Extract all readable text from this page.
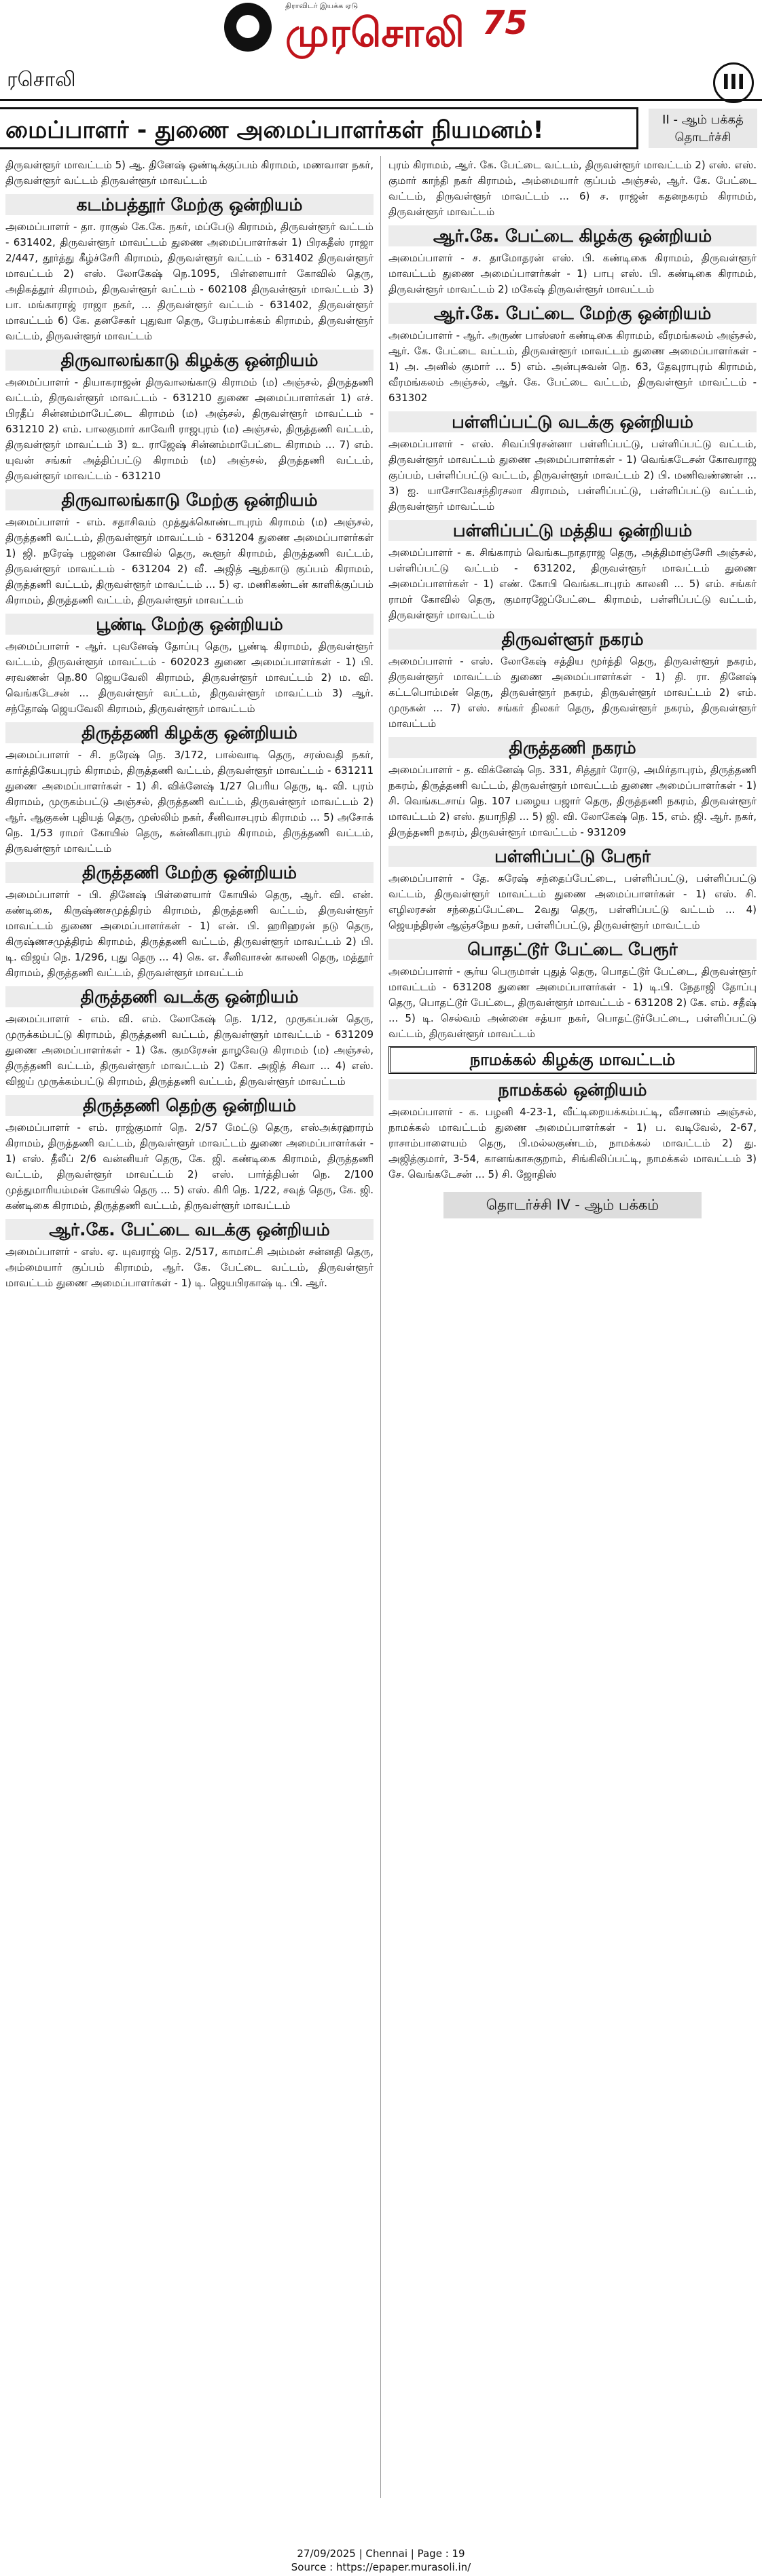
திராவிடர் இயக்க ஏடு
முரசொலி 75
ரசொலி	III
மைப்பாளர் - துணை அமைப்பாளர்கள் நியமனம்!	II - ஆம் பக்கத் தொடர்ச்சி

திருவள்ளூர் மாவட்டம் 5) ஆ. தினேஷ் ஒண்டிக்குப்பம் கிராமம், மணவாள நகர், திருவள்ளூர் வட்டம் திருவள்ளூர் மாவட்டம்

கடம்பத்தூர் மேற்கு ஒன்றியம்

அமைப்பாளர் - தா. ராகுல் கே.கே. நகர், மப்பேடு கிராமம், திருவள்ளூர் வட்டம் - 631402, திருவள்ளூர் மாவட்டம் துணை அமைப்பாளர்கள் 1) பிரகதீஸ் ராஜா 2/447, தூர்த்து கீழ்ச்சேரி கிராமம், திருவள்ளூர் வட்டம் - 631402 திருவள்ளூர் மாவட்டம் 2) எஸ். லோகேஷ் நெ.1095, பிள்ளையார் கோவில் தெரு, அதிகத்தூர் கிராமம், திருவள்ளூர் வட்டம் - 602108 திருவள்ளூர் மாவட்டம் 3) பா. மங்காராஜ் ராஜா நகர், ... திருவள்ளூர் வட்டம் - 631402, திருவள்ளூர் மாவட்டம் 6) கே. தனசேகர் புதுவா தெரு, பேரம்பாக்கம் கிராமம், திருவள்ளூர் வட்டம், திருவள்ளூர் மாவட்டம்

திருவாலங்காடு கிழக்கு ஒன்றியம்

அமைப்பாளர் - தியாகராஜன் திருவாலங்காடு கிராமம் (ம) அஞ்சல், திருத்தணி வட்டம், திருவள்ளூர் மாவட்டம் - 631210 துணை அமைப்பாளர்கள் 1) எச். பிரதீப் சின்னம்மாபேட்டை கிராமம் (ம) அஞ்சல், திருவள்ளூர் மாவட்டம் - 631210 2) எம். பாலகுமார் காவேரி ராஜபுரம் (ம) அஞ்சல், திருத்தணி வட்டம், திருவள்ளூர் மாவட்டம் 3) உ. ராஜேஷ் சின்னம்மாபேட்டை கிராமம் ... 7) எம். யுவன் சங்கர் அத்திப்பட்டு கிராமம் (ம) அஞ்சல், திருத்தணி வட்டம், திருவள்ளூர் மாவட்டம் - 631210

திருவாலங்காடு மேற்கு ஒன்றியம்

அமைப்பாளர் - எம். சதாசிவம் முத்துக்கொண்டாபுரம் கிராமம் (ம) அஞ்சல், திருத்தணி வட்டம், திருவள்ளூர் மாவட்டம் - 631204 துணை அமைப்பாளர்கள் 1) ஜி. நரேஷ் பஜனை கோவில் தெரு, கூளூர் கிராமம், திருத்தணி வட்டம், திருவள்ளூர் மாவட்டம் - 631204 2) வீ. அஜித் ஆற்காடு குப்பம் கிராமம், திருத்தணி வட்டம், திருவள்ளூர் மாவட்டம் ... 5) ஏ. மணிகண்டன் காளிக்குப்பம் கிராமம், திருத்தணி வட்டம், திருவள்ளூர் மாவட்டம்

பூண்டி மேற்கு ஒன்றியம்

அமைப்பாளர் - ஆர். புவனேஷ் தோப்பு தெரு, பூண்டி கிராமம், திருவள்ளூர் வட்டம், திருவள்ளூர் மாவட்டம் - 602023 துணை அமைப்பாளர்கள் - 1) பி. சரவணன் நெ.80 ஜெயவேலி கிராமம், திருவள்ளூர் மாவட்டம் 2) ம. வி. வெங்கடேசன் ... திருவள்ளூர் வட்டம், திருவள்ளூர் மாவட்டம் 3) ஆர். சந்தோஷ் ஜெயவேலி கிராமம், திருவள்ளூர் மாவட்டம்

திருத்தணி கிழக்கு ஒன்றியம்

அமைப்பாளர் - சி. நரேஷ் நெ. 3/172, பால்வாடி தெரு, சரஸ்வதி நகர், கார்த்திகேயபுரம் கிராமம், திருத்தணி வட்டம், திருவள்ளூர் மாவட்டம் - 631211 துணை அமைப்பாளர்கள் - 1) சி. விக்னேஷ் 1/27 பெரிய தெரு, டி. வி. புரம் கிராமம், முருகம்பட்டு அஞ்சல், திருத்தணி வட்டம், திருவள்ளூர் மாவட்டம் 2) ஆர். ஆகுகன் புதியத் தெரு, முஸ்லிம் நகர், சீனிவாசபுரம் கிராமம் ... 5) அசோக் நெ. 1/53 ராமர் கோயில் தெரு, கன்னிகாபுரம் கிராமம், திருத்தணி வட்டம், திருவள்ளூர் மாவட்டம்

திருத்தணி மேற்கு ஒன்றியம்

அமைப்பாளர் - பி. தினேஷ் பிள்ளையார் கோயில் தெரு, ஆர். வி. என். கண்டிகை, கிருஷ்ணசமுத்திரம் கிராமம், திருத்தணி வட்டம், திருவள்ளூர் மாவட்டம் துணை அமைப்பாளர்கள் - 1) என். பி. ஹரிஹரன் நடு தெரு, கிருஷ்ணசமுத்திரம் கிராமம், திருத்தணி வட்டம், திருவள்ளூர் மாவட்டம் 2) பி. டி. விஜய் நெ. 1/296, புது தெரு ... 4) கெ. எ. சீனிவாசன் காலனி தெரு, மத்தூர் கிராமம், திருத்தணி வட்டம், திருவள்ளூர் மாவட்டம்

திருத்தணி வடக்கு ஒன்றியம்

அமைப்பாளர் - எம். வி. எம். லோகேஷ் நெ. 1/12, முருகப்பன் தெரு, முருக்கம்பட்டு கிராமம், திருத்தணி வட்டம், திருவள்ளூர் மாவட்டம் - 631209 துணை அமைப்பாளர்கள் - 1) கே. குமரேசன் தாழவேடு கிராமம் (ம) அஞ்சல், திருத்தணி வட்டம், திருவள்ளூர் மாவட்டம் 2) கோ. அஜித் சிவா ... 4) எஸ். விஜய் முருக்கம்பட்டு கிராமம், திருத்தணி வட்டம், திருவள்ளூர் மாவட்டம்

திருத்தணி தெற்கு ஒன்றியம்

அமைப்பாளர் - எம். ராஜ்குமார் நெ. 2/57 மேட்டு தெரு, எஸ்அக்ரஹாரம் கிராமம், திருத்தணி வட்டம், திருவள்ளூர் மாவட்டம் துணை அமைப்பாளர்கள் - 1) எஸ். தீலீப் 2/6 வன்னியர் தெரு, கே. ஜி. கண்டிகை கிராமம், திருத்தணி வட்டம், திருவள்ளூர் மாவட்டம் 2) எஸ். பார்த்திபன் நெ. 2/100 முத்துமாரியம்மன் கோயில் தெரு ... 5) எஸ். கிரி நெ. 1/22, சவுத் தெரு, கே. ஜி. கண்டிகை கிராமம், திருத்தணி வட்டம், திருவள்ளூர் மாவட்டம்

ஆர்.கே. பேட்டை வடக்கு ஒன்றியம்

அமைப்பாளர் - எஸ். ஏ. யுவராஜ் நெ. 2/517, காமாட்சி அம்மன் சன்னதி தெரு, அம்மையார் குப்பம் கிராமம், ஆர். கே. பேட்டை வட்டம், திருவள்ளூர் மாவட்டம் துணை அமைப்பாளர்கள் - 1) டி. ஜெயபிரகாஷ் டி. பி. ஆர்.

புரம் கிராமம், ஆர். கே. பேட்டை வட்டம், திருவள்ளூர் மாவட்டம் 2) எஸ். எஸ். குமார் காந்தி நகர் கிராமம், அம்மையார் குப்பம் அஞ்சல், ஆர். கே. பேட்டை வட்டம், திருவள்ளூர் மாவட்டம் ... 6) ச. ராஜன் கதனநகரம் கிராமம், திருவள்ளூர் மாவட்டம்

ஆர்.கே. பேட்டை கிழக்கு ஒன்றியம்

அமைப்பாளர் - ச. தாமோதரன் எஸ். பி. கண்டிகை கிராமம், திருவள்ளூர் மாவட்டம் துணை அமைப்பாளர்கள் - 1) பாபு எஸ். பி. கண்டிகை கிராமம், திருவள்ளூர் மாவட்டம் 2) மகேஷ் திருவள்ளூர் மாவட்டம்

ஆர்.கே. பேட்டை மேற்கு ஒன்றியம்

அமைப்பாளர் - ஆர். அருண் பாஸ்ஸர் கண்டிகை கிராமம், வீரமங்கலம் அஞ்சல், ஆர். கே. பேட்டை வட்டம், திருவள்ளூர் மாவட்டம் துணை அமைப்பாளர்கள் - 1) அ. அனில் குமார் ... 5) எம். அன்புசுவன் நெ. 63, தேவுராபுரம் கிராமம், வீரமங்கலம் அஞ்சல், ஆர். கே. பேட்டை வட்டம், திருவள்ளூர் மாவட்டம் - 631302

பள்ளிப்பட்டு வடக்கு ஒன்றியம்

அமைப்பாளர் - எஸ். சிவப்பிரசன்னா பள்ளிப்பட்டு, பள்ளிப்பட்டு வட்டம், திருவள்ளூர் மாவட்டம் துணை அமைப்பாளர்கள் - 1) வெங்கடேசன் கோவராஜ குப்பம், பள்ளிப்பட்டு வட்டம், திருவள்ளூர் மாவட்டம் 2) பி. மணிவண்ணன் ... 3) ஐ. யாசோவேசந்திரசலா கிராமம், பள்ளிப்பட்டு, பள்ளிப்பட்டு வட்டம், திருவள்ளூர் மாவட்டம்

பள்ளிப்பட்டு மத்திய ஒன்றியம்

அமைப்பாளர் - க. சிங்காரம் வெங்கடநாதராஜ தெரு, அத்திமாஞ்சேரி அஞ்சல், பள்ளிப்பட்டு வட்டம் - 631202, திருவள்ளூர் மாவட்டம் துணை அமைப்பாளர்கள் - 1) எண். கோபி வெங்கடாபுரம் காலனி ... 5) எம். சங்கர் ராமர் கோவில் தெரு, குமாரஜேப்பேட்டை கிராமம், பள்ளிப்பட்டு வட்டம், திருவள்ளூர் மாவட்டம்

திருவள்ளூர் நகரம்

அமைப்பாளர் - எஸ். லோகேஷ் சத்திய மூர்த்தி தெரு, திருவள்ளூர் நகரம், திருவள்ளூர் மாவட்டம் துணை அமைப்பாளர்கள் - 1) தி. ரா. தினேஷ் கட்டபொம்மன் தெரு, திருவள்ளூர் நகரம், திருவள்ளூர் மாவட்டம் 2) எம். முருகன் ... 7) எஸ். சங்கர் திலகர் தெரு, திருவள்ளூர் நகரம், திருவள்ளூர் மாவட்டம்

திருத்தணி நகரம்

அமைப்பாளர் - த. விக்னேஷ் நெ. 331, சித்தூர் ரோடு, அமிர்தாபுரம், திருத்தணி நகரம், திருத்தணி வட்டம், திருவள்ளூர் மாவட்டம் துணை அமைப்பாளர்கள் - 1) சி. வெங்கடசாய் நெ. 107 பழைய பஜார் தெரு, திருத்தணி நகரம், திருவள்ளூர் மாவட்டம் 2) எஸ். தயாநிதி ... 5) ஜி. வி. லோகேஷ் நெ. 15, எம். ஜி. ஆர். நகர், திருத்தணி நகரம், திருவள்ளூர் மாவட்டம் - 931209

பள்ளிப்பட்டு பேரூர்

அமைப்பாளர் - தே. சுரேஷ் சந்தைப்பேட்டை, பள்ளிப்பட்டு, பள்ளிப்பட்டு வட்டம், திருவள்ளூர் மாவட்டம் துணை அமைப்பாளர்கள் - 1) எஸ். சி. எழிலரசன் சந்தைப்பேட்டை 2வது தெரு, பள்ளிப்பட்டு வட்டம் ... 4) ஜெயந்திரன் ஆஞ்சநேய நகர், பள்ளிப்பட்டு, திருவள்ளூர் மாவட்டம்

பொதட்டூர் பேட்டை பேரூர்

அமைப்பாளர் - சூர்ய பெருமாள் புதுத் தெரு, பொதட்டூர் பேட்டை, திருவள்ளூர் மாவட்டம் - 631208 துணை அமைப்பாளர்கள் - 1) டி.பி. நேதாஜி தோப்பு தெரு, பொதட்டூர் பேட்டை, திருவள்ளூர் மாவட்டம் - 631208 2) கே. எம். சதீஷ் ... 5) டி. செல்வம் அன்னை சத்யா நகர், பொதட்டூர்பேட்டை, பள்ளிப்பட்டு வட்டம், திருவள்ளூர் மாவட்டம்

நாமக்கல் கிழக்கு மாவட்டம்
நாமக்கல் ஒன்றியம்

அமைப்பாளர் - க. பழனி 4-23-1, வீட்டிறையக்கம்பட்டி, வீசாணம் அஞ்சல், நாமக்கல் மாவட்டம் துணை அமைப்பாளர்கள் - 1) ப. வடிவேல், 2-67, ராசாம்பாளையம் தெரு, பி.மல்லகுண்டம், நாமக்கல் மாவட்டம் 2) து. அஜித்குமார், 3-54, கானங்காசுகுறாம், சிங்கிலிப்பட்டி, நாமக்கல் மாவட்டம் 3) சே. வெங்கடேசன் ... 5) சி. ஜோதிஸ்

தொடர்ச்சி IV - ஆம் பக்கம்
27/09/2025 | Chennai | Page : 19
Source : https://epaper.murasoli.in/
